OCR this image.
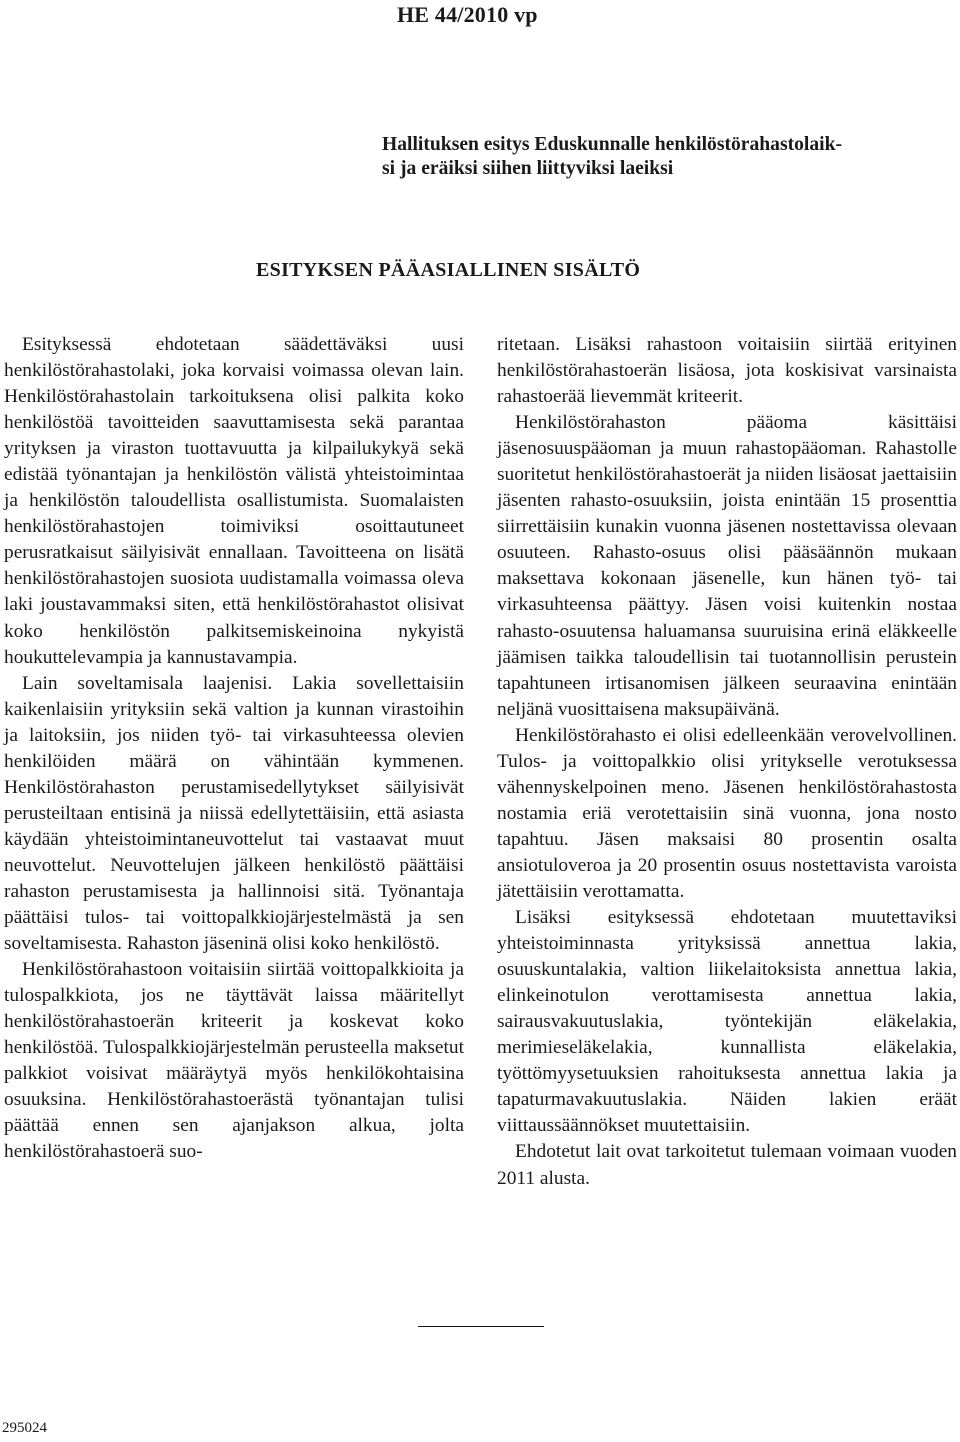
HE 44/2010 vp
Hallituksen esitys Eduskunnalle henkilöstörahastolaik-
si ja eräiksi siihen liittyviksi laeiksi
ESITYKSEN PÄÄASIALLINEN SISÄLTÖ

Esityksessä ehdotetaan säädettäväksi uusi henkilöstörahastolaki, joka korvaisi voimassa olevan lain. Henkilöstörahastolain tarkoituksena olisi palkita koko henkilöstöä tavoitteiden saavuttamisesta sekä parantaa yrityksen ja viraston tuottavuutta ja kilpailukykyä sekä edistää työnantajan ja henkilöstön välistä yhteistoimintaa ja henkilöstön taloudellista osallistumista. Suomalaisten henkilöstörahastojen toimiviksi osoittautuneet perusratkaisut säilyisivät ennallaan. Tavoitteena on lisätä henkilöstörahastojen suosiota uudistamalla voimassa oleva laki joustavammaksi siten, että henkilöstörahastot olisivat koko henkilöstön palkitsemiskeinoina nykyistä houkuttelevampia ja kannustavampia.

Lain soveltamisala laajenisi. Lakia sovellettaisiin kaikenlaisiin yrityksiin sekä valtion ja kunnan virastoihin ja laitoksiin, jos niiden työ- tai virkasuhteessa olevien henkilöiden määrä on vähintään kymmenen. Henkilöstörahaston perustamisedellytykset säilyisivät perusteiltaan entisinä ja niissä edellytettäisiin, että asiasta käydään yhteistoimintaneuvottelut tai vastaavat muut neuvottelut. Neuvottelujen jälkeen henkilöstö päättäisi rahaston perustamisesta ja hallinnoisi sitä. Työnantaja päättäisi tulos- tai voittopalkkiojärjestelmästä ja sen soveltamisesta. Rahaston jäseninä olisi koko henkilöstö.

Henkilöstörahastoon voitaisiin siirtää voittopalkkioita ja tulospalkkiota, jos ne täyttävät laissa määritellyt henkilöstörahastoerän kriteerit ja koskevat koko henkilöstöä. Tulospalkkiojärjestelmän perusteella maksetut palkkiot voisivat määräytyä myös henkilökohtaisina osuuksina. Henkilöstörahastoerästä työnantajan tulisi päättää ennen sen ajanjakson alkua, jolta henkilöstörahastoerä suo-

ritetaan. Lisäksi rahastoon voitaisiin siirtää erityinen henkilöstörahastoerän lisäosa, jota koskisivat varsinaista rahastoerää lievemmät kriteerit.

Henkilöstörahaston pääoma käsittäisi jäsenosuuspääoman ja muun rahastopääoman. Rahastolle suoritetut henkilöstörahastoerät ja niiden lisäosat jaettaisiin jäsenten rahasto-osuuksiin, joista enintään 15 prosenttia siirrettäisiin kunakin vuonna jäsenen nostettavissa olevaan osuuteen. Rahasto-osuus olisi pääsäännön mukaan maksettava kokonaan jäsenelle, kun hänen työ- tai virkasuhteensa päättyy. Jäsen voisi kuitenkin nostaa rahasto-osuutensa haluamansa suuruisina erinä eläkkeelle jäämisen taikka taloudellisin tai tuotannollisin perustein tapahtuneen irtisanomisen jälkeen seuraavina enintään neljänä vuosittaisena maksupäivänä.

Henkilöstörahasto ei olisi edelleenkään verovelvollinen. Tulos- ja voittopalkkio olisi yritykselle verotuksessa vähennyskelpoinen meno. Jäsenen henkilöstörahastosta nostamia eriä verotettaisiin sinä vuonna, jona nosto tapahtuu. Jäsen maksaisi 80 prosentin osalta ansiotuloveroa ja 20 prosentin osuus nostettavista varoista jätettäisiin verottamatta.

Lisäksi esityksessä ehdotetaan muutettaviksi yhteistoiminnasta yrityksissä annettua lakia, osuuskuntalakia, valtion liikelaitoksista annettua lakia, elinkeinotulon verottamisesta annettua lakia, sairausvakuutuslakia, työntekijän eläkelakia, merimieseläkelakia, kunnallista eläkelakia, työttömyysetuuksien rahoituksesta annettua lakia ja tapaturmavakuutuslakia. Näiden lakien eräät viittaussäännökset muutettaisiin.

Ehdotetut lait ovat tarkoitetut tulemaan voimaan vuoden 2011 alusta.

295024
